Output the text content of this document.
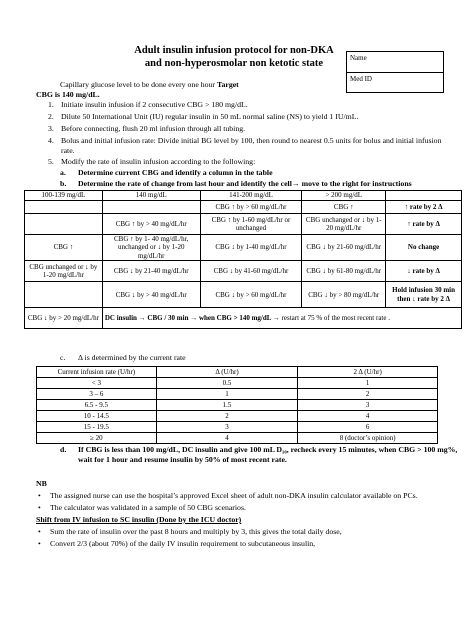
Adult insulin infusion protocol for non-DKA
and non-hyperosmolar non ketotic state	Name
Med ID
Capillary glucose level to be done every one hour Target
CBG is 140 mg/dL.
1. Initiate insulin infusion if 2 consecutive CBG > 180 mg/dL.
2. Dilute 50 International Unit (IU) regular insulin in 50 mL normal saline (NS) to yield 1 IU/mL.
3. Before connecting, flush 20 ml infusion through all tubing.
4. Bolus and initial infusion rate: Divide initial BG level by 100, then round to nearest 0.5 units for bolus and initial infusion rate.
5. Modify the rate of insulin infusion according to the following:
a. Determine current CBG and identify a column in the table
b. Determine the rate of change from last hour and identify the cell→ move to the right for instructions
100-139 mg/dL	140 mg/dL	141-200 mg/dL	> 200 mg/dL	
		CBG ↑ by > 60 mg/dL/hr	CBG ↑	↑ rate by 2 Δ
	CBG ↑ by > 40 mg/dL/hr	CBG ↑ by 1-60 mg/dL/hr or unchanged	CBG unchanged or ↓ by 1-20 mg/dL/hr	↑ rate by Δ
CBG ↑	CBG ↑ by 1- 40 mg/dL/hr, unchanged or ↓ by 1-20 mg/dL/hr	CBG ↓ by 1-40 mg/dL/hr	CBG ↓ by 21-60 mg/dL/hr	No change
CBG unchanged or ↓ by 1-20 mg/dL/hr	CBG ↓ by 21-40 mg/dL/hr	CBG ↓ by 41-60 mg/dL/hr	CBG ↓ by 61-80 mg/dL/hr	↓ rate by Δ
	CBG ↓ by > 40 mg/dL/hr	CBG ↓ by > 60 mg/dL/hr	CBG ↓ by > 80 mg/dL/hr	Hold infusion 30 min then ↓ rate by 2 Δ
CBG ↓ by > 20 mg/dL/hr	DC insulin → CBG / 30 min → when CBG > 140 mg/dL → restart at 75 % of the most recent rate .			
c. Δ is determined by the current rate
Current infusion rate (U/hr)	Δ (U/hr)	2 Δ (U/hr)
< 3	0.5	1
3 – 6	1	2
6.5 - 9.5	1.5	3
10 - 14.5	2	4
15 - 19.5	3	6
≥ 20	4	8 (doctor’s opinion)
d. If CBG is less than 100 mg/dL, DC insulin and give 100 mL D₁₀, recheck every 15 minutes, when CBG > 100 mg%, wait for 1 hour and resume insulin by 50% of most recent rate.
NB
• The assigned nurse can use the hospital’s approved Excel sheet of adult non-DKA insulin calculator available on PCs.
• The calculator was validated in a sample of 50 CBG scenarios.
Shift from IV infusion to SC insulin (Done by the ICU doctor)
• Sum the rate of insulin over the past 8 hours and multiply by 3, this gives the total daily dose,
• Convert 2/3 (about 70%) of the daily IV insulin requirement to subcutaneous insulin,
